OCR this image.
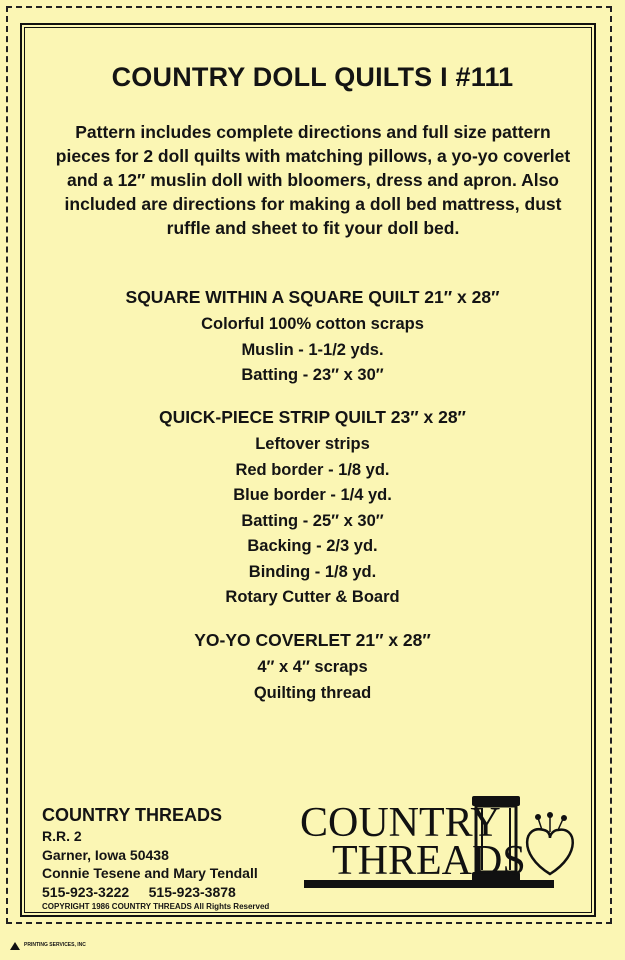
COUNTRY DOLL QUILTS I #111
Pattern includes complete directions and full size pattern pieces for 2 doll quilts with matching pillows, a yo-yo coverlet and a 12″ muslin doll with bloomers, dress and apron. Also included are directions for making a doll bed mattress, dust ruffle and sheet to fit your doll bed.
SQUARE WITHIN A SQUARE QUILT 21″ x 28″
Colorful 100% cotton scraps
Muslin - 1-1/2 yds.
Batting - 23″ x 30″
QUICK-PIECE STRIP QUILT 23″ x 28″
Leftover strips
Red border - 1/8 yd.
Blue border - 1/4 yd.
Batting - 25″ x 30″
Backing - 2/3 yd.
Binding - 1/8 yd.
Rotary Cutter & Board
YO-YO COVERLET 21″ x 28″
4″ x 4″ scraps
Quilting thread
COUNTRY THREADS
R.R. 2
Garner, Iowa 50438
Connie Tesene and Mary Tendall
515-923-3222     515-923-3878
COPYRIGHT 1986 COUNTRY THREADS All Rights Reserved
COUNTRY
THREADS
PRINTING SERVICES, INC
